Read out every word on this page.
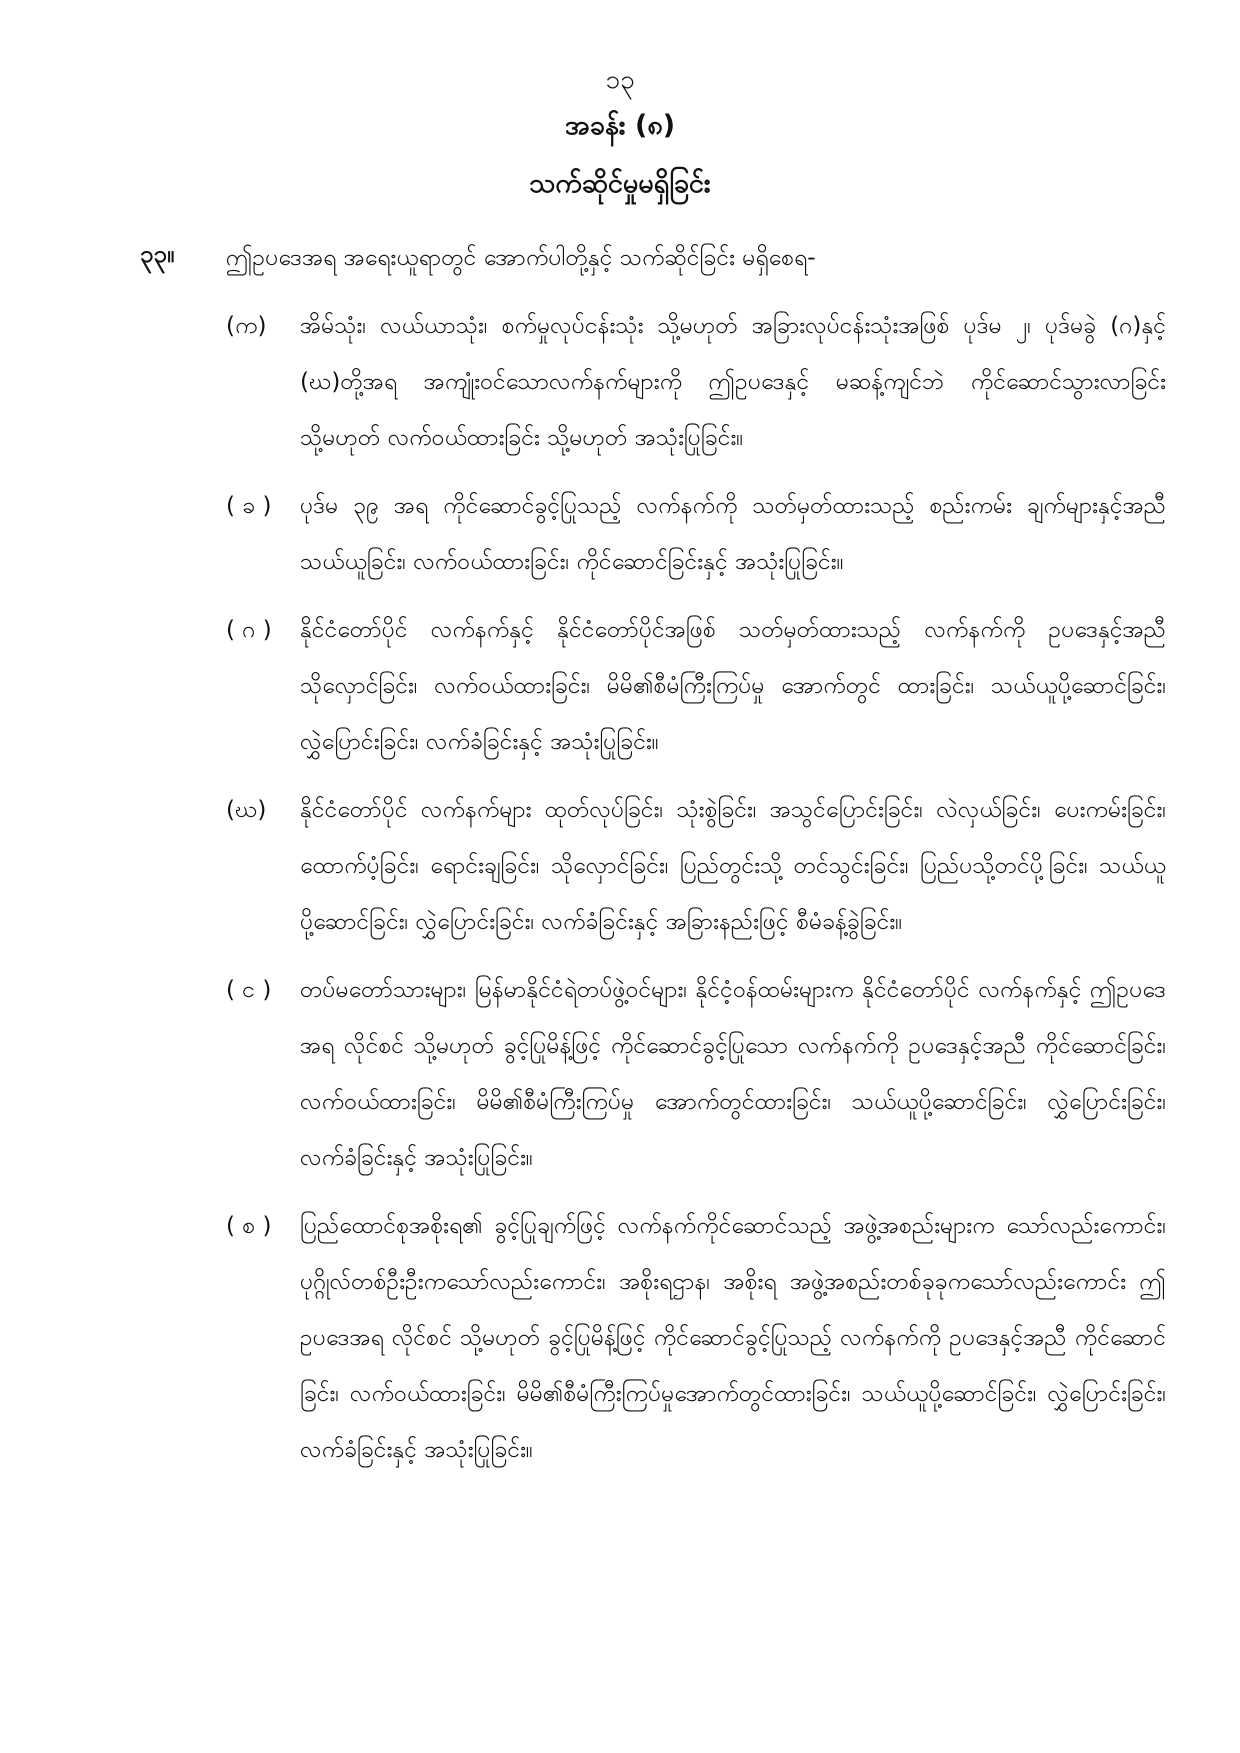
၁၃
အခန်း (၈)
သက်ဆိုင်မှုမရှိခြင်း
၃၃။ ဤဥပဒေအရ အရေးယူရာတွင် အောက်ပါတို့နှင့် သက်ဆိုင်ခြင်း မရှိစေရ-
(က)	အိမ်သုံး၊ လယ်ယာသုံး၊ စက်မှုလုပ်ငန်းသုံး သို့မဟုတ် အခြားလုပ်ငန်းသုံးအဖြစ် ပုဒ်မ ၂၊ ပုဒ်မခွဲ (ဂ)နှင့် (ဃ)တို့အရ အကျုံးဝင်သောလက်နက်များကို ဤဥပဒေနှင့် မဆန့်ကျင်ဘဲ ကိုင်ဆောင်သွားလာခြင်း သို့မဟုတ် လက်ဝယ်ထားခြင်း သို့မဟုတ် အသုံးပြုခြင်း။
( ခ )	ပုဒ်မ ၃၉ အရ ကိုင်ဆောင်ခွင့်ပြုသည့် လက်နက်ကို သတ်မှတ်ထားသည့် စည်းကမ်း ချက်များနှင့်အညီ သယ်ယူခြင်း၊ လက်ဝယ်ထားခြင်း၊ ကိုင်ဆောင်ခြင်းနှင့် အသုံးပြုခြင်း။
( ဂ )	နိုင်ငံတော်ပိုင် လက်နက်နှင့် နိုင်ငံတော်ပိုင်အဖြစ် သတ်မှတ်ထားသည့် လက်နက်ကို ဥပဒေနှင့်အညီ သိုလှောင်ခြင်း၊ လက်ဝယ်ထားခြင်း၊ မိမိ၏စီမံကြီးကြပ်မှု အောက်တွင် ထားခြင်း၊ သယ်ယူပို့ဆောင်ခြင်း၊ လွှဲပြောင်းခြင်း၊ လက်ခံခြင်းနှင့် အသုံးပြုခြင်း။
(ဃ)	နိုင်ငံတော်ပိုင် လက်နက်များ ထုတ်လုပ်ခြင်း၊ သုံးစွဲခြင်း၊ အသွင်ပြောင်းခြင်း၊ လဲလှယ်ခြင်း၊ ပေးကမ်းခြင်း၊ ထောက်ပံ့ခြင်း၊ ရောင်းချခြင်း၊ သိုလှောင်ခြင်း၊ ပြည်တွင်းသို့ တင်သွင်းခြင်း၊ ပြည်ပသို့တင်ပို့ခြင်း၊ သယ်ယူပို့ဆောင်ခြင်း၊ လွှဲပြောင်းခြင်း၊ လက်ခံခြင်းနှင့် အခြားနည်းဖြင့် စီမံခန့်ခွဲခြင်း။
( င )	တပ်မတော်သားများ၊ မြန်မာနိုင်ငံရဲတပ်ဖွဲ့ဝင်များ၊ နိုင်ငံ့ဝန်ထမ်းများက နိုင်ငံတော်ပိုင် လက်နက်နှင့် ဤဥပဒေအရ လိုင်စင် သို့မဟုတ် ခွင့်ပြုမိန့်ဖြင့် ကိုင်ဆောင်ခွင့်ပြုသော လက်နက်ကို ဥပဒေနှင့်အညီ ကိုင်ဆောင်ခြင်း၊ လက်ဝယ်ထားခြင်း၊ မိမိ၏စီမံကြီးကြပ်မှု အောက်တွင်ထားခြင်း၊ သယ်ယူပို့ဆောင်ခြင်း၊ လွှဲပြောင်းခြင်း၊ လက်ခံခြင်းနှင့် အသုံးပြုခြင်း။
( စ )	ပြည်ထောင်စုအစိုးရ၏ ခွင့်ပြုချက်ဖြင့် လက်နက်ကိုင်ဆောင်သည့် အဖွဲ့အစည်းများက သော်လည်းကောင်း၊ ပုဂ္ဂိုလ်တစ်ဦးဦးကသော်လည်းကောင်း၊ အစိုးရဌာန၊ အစိုးရ အဖွဲ့အစည်းတစ်ခုခုကသော်လည်းကောင်း ဤဥပဒေအရ လိုင်စင် သို့မဟုတ် ခွင့်ပြုမိန့်ဖြင့် ကိုင်ဆောင်ခွင့်ပြုသည့် လက်နက်ကို ဥပဒေနှင့်အညီ ကိုင်ဆောင်ခြင်း၊ လက်ဝယ်ထားခြင်း၊ မိမိ၏စီမံကြီးကြပ်မှုအောက်တွင်ထားခြင်း၊ သယ်ယူပို့ဆောင်ခြင်း၊ လွှဲပြောင်းခြင်း၊ လက်ခံခြင်းနှင့် အသုံးပြုခြင်း။
